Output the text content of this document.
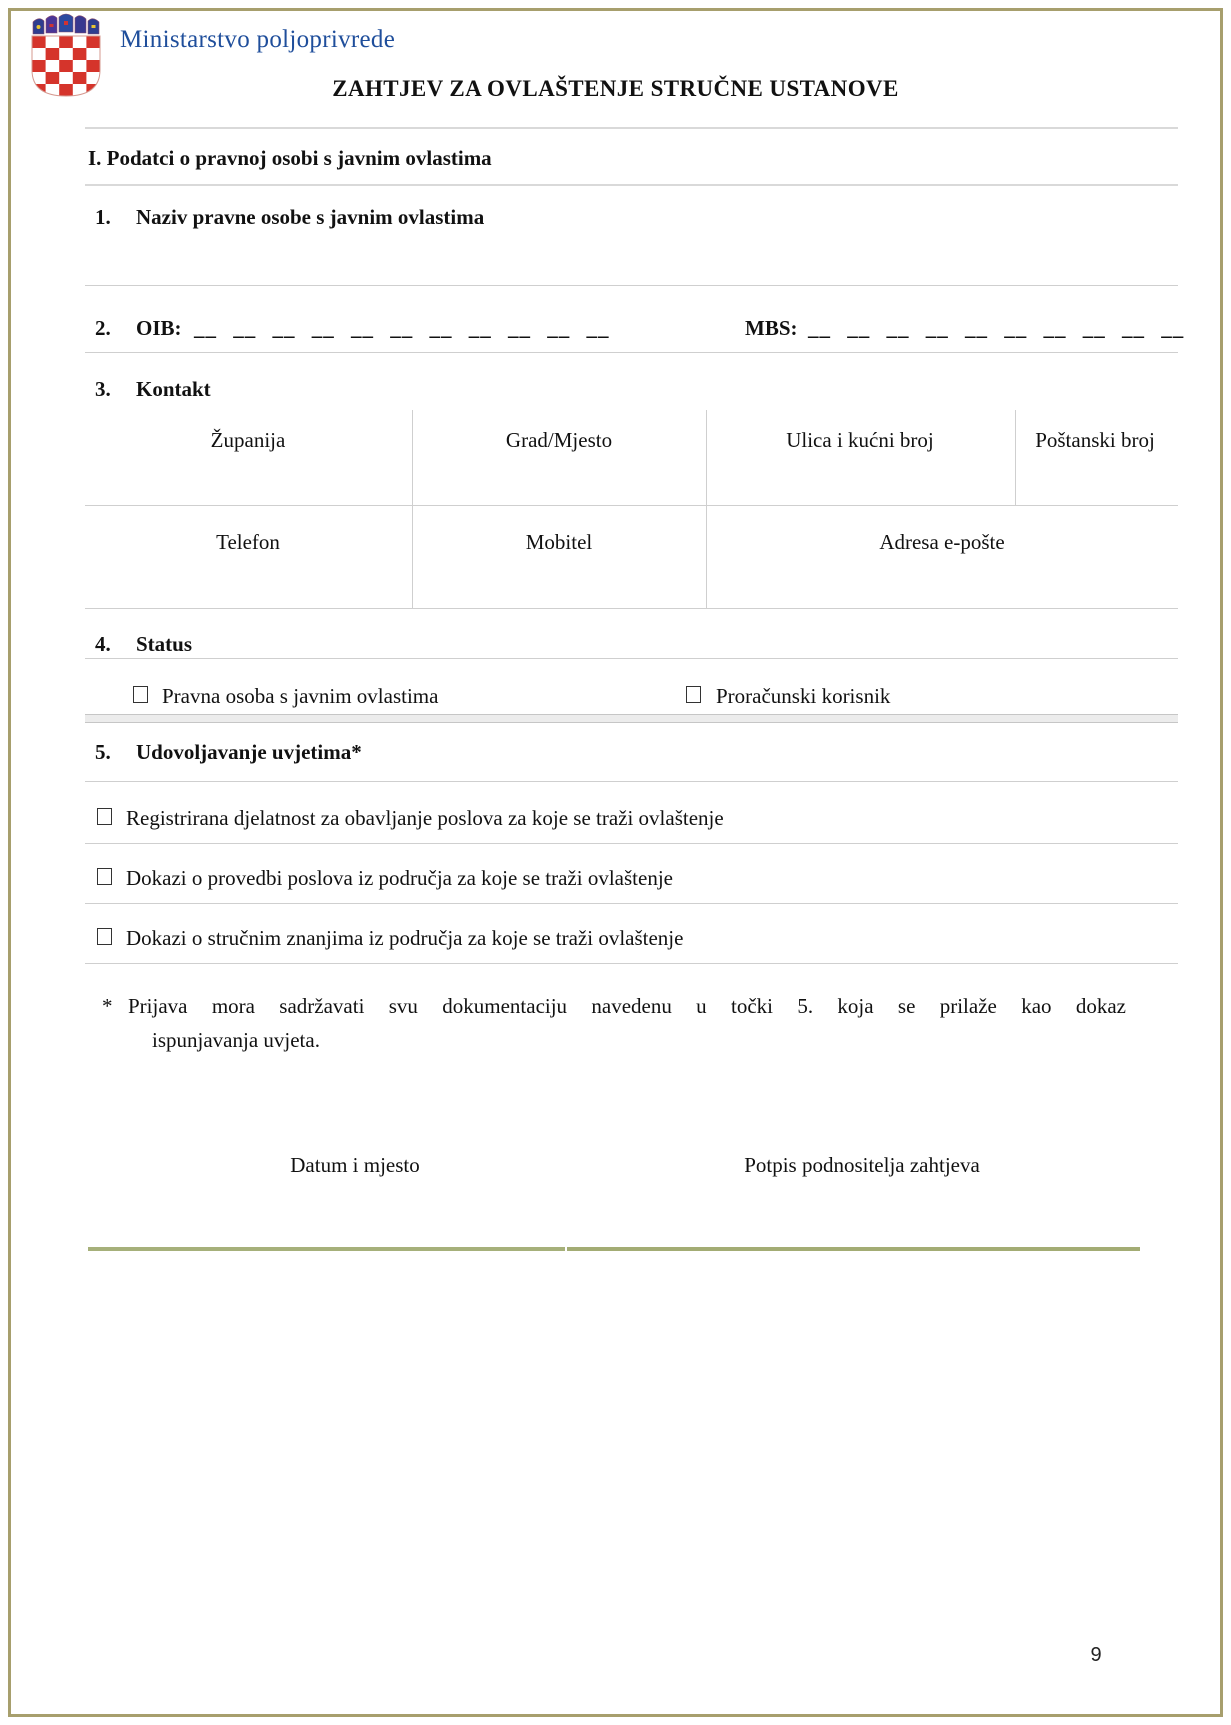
Ministarstvo poljoprivrede
ZAHTJEV ZA OVLAŠTENJE STRUČNE USTANOVE
I. Podatci o pravnoj osobi s javnim ovlastima
1. Naziv pravne osobe s javnim ovlastima
2. OIB: __ __ __ __ __ __ __ __ __ __ __	MBS: __ __ __ __ __ __ __ __ __ __
3. Kontakt
Županija	Grad/Mjesto	Ulica i kućni broj	Poštanski broj
Telefon	Mobitel	Adresa e-pošte
4. Status
Pravna osoba s javnim ovlastima	Proračunski korisnik
5. Udovoljavanje uvjetima*
Registrirana djelatnost za obavljanje poslova za koje se traži ovlaštenje
Dokazi o provedbi poslova iz područja za koje se traži ovlaštenje
Dokazi o stručnim znanjima iz područja za koje se traži ovlaštenje
* Prijava mora sadržavati svu dokumentaciju navedenu u točki 5. koja se prilaže kao dokaz
ispunjavanja uvjeta.
Datum i mjesto	Potpis podnositelja zahtjeva
9
